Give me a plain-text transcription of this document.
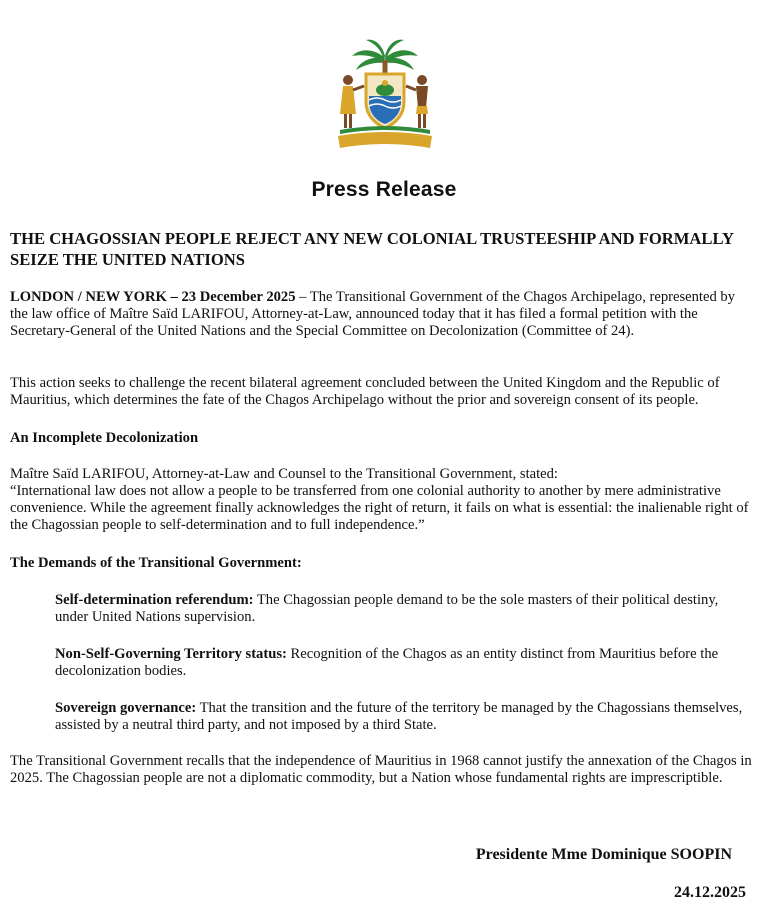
Press Release
THE CHAGOSSIAN PEOPLE REJECT ANY NEW COLONIAL TRUSTEESHIP AND FORMALLY SEIZE THE UNITED NATIONS

LONDON / NEW YORK – 23 December 2025 – The Transitional Government of the Chagos Archipelago, represented by the law office of Maître Saïd LARIFOU, Attorney-at-Law, announced today that it has filed a formal petition with the Secretary-General of the United Nations and the Special Committee on Decolonization (Committee of 24).

This action seeks to challenge the recent bilateral agreement concluded between the United Kingdom and the Republic of Mauritius, which determines the fate of the Chagos Archipelago without the prior and sovereign consent of its people.

An Incomplete Decolonization

Maître Saïd LARIFOU, Attorney-at-Law and Counsel to the Transitional Government, stated:

“International law does not allow a people to be transferred from one colonial authority to another by mere administrative convenience. While the agreement finally acknowledges the right of return, it fails on what is essential: the inalienable right of the Chagossian people to self-determination and to full independence.”

The Demands of the Transitional Government:

Self-determination referendum: The Chagossian people demand to be the sole masters of their political destiny, under United Nations supervision.

Non-Self-Governing Territory status: Recognition of the Chagos as an entity distinct from Mauritius before the decolonization bodies.

Sovereign governance: That the transition and the future of the territory be managed by the Chagossians themselves, assisted by a neutral third party, and not imposed by a third State.

The Transitional Government recalls that the independence of Mauritius in 1968 cannot justify the annexation of the Chagos in 2025. The Chagossian people are not a diplomatic commodity, but a Nation whose fundamental rights are imprescriptible.

Presidente Mme Dominique SOOPIN

24.12.2025
